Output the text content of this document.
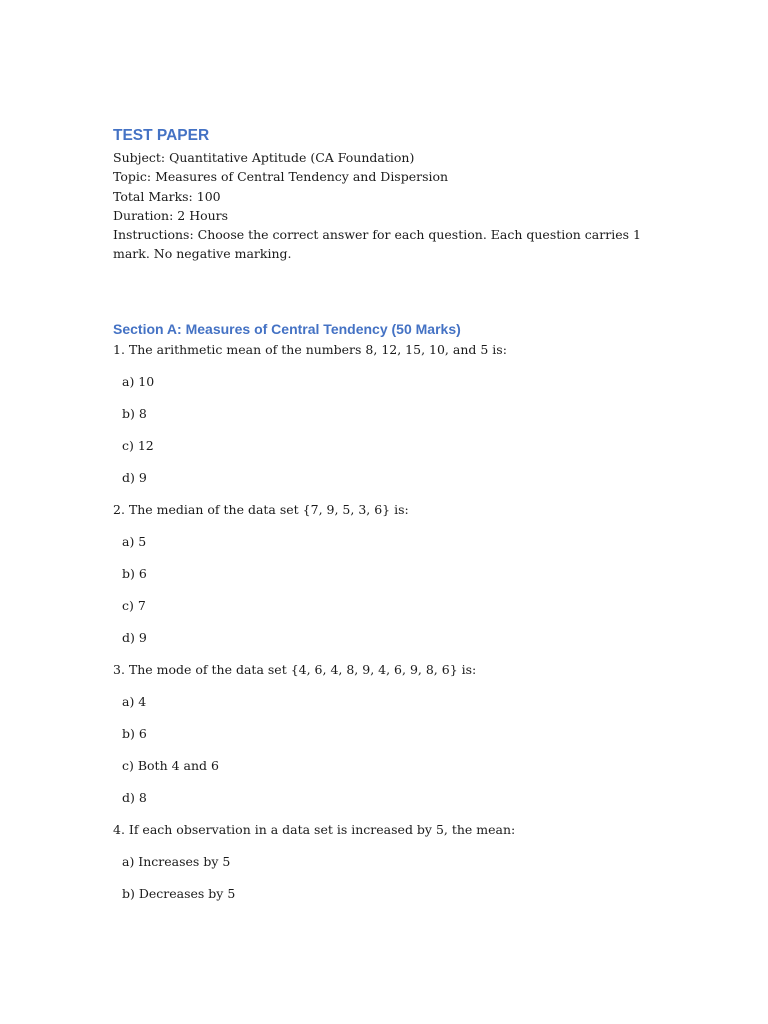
TEST PAPER
Subject: Quantitative Aptitude (CA Foundation)
Topic: Measures of Central Tendency and Dispersion
Total Marks: 100
Duration: 2 Hours
Instructions: Choose the correct answer for each question. Each question carries 1 mark. No negative marking.
Section A: Measures of Central Tendency (50 Marks)
1. The arithmetic mean of the numbers 8, 12, 15, 10, and 5 is:
a) 10
b) 8
c) 12
d) 9
2. The median of the data set {7, 9, 5, 3, 6} is:
a) 5
b) 6
c) 7
d) 9
3. The mode of the data set {4, 6, 4, 8, 9, 4, 6, 9, 8, 6} is:
a) 4
b) 6
c) Both 4 and 6
d) 8
4. If each observation in a data set is increased by 5, the mean:
a) Increases by 5
b) Decreases by 5
